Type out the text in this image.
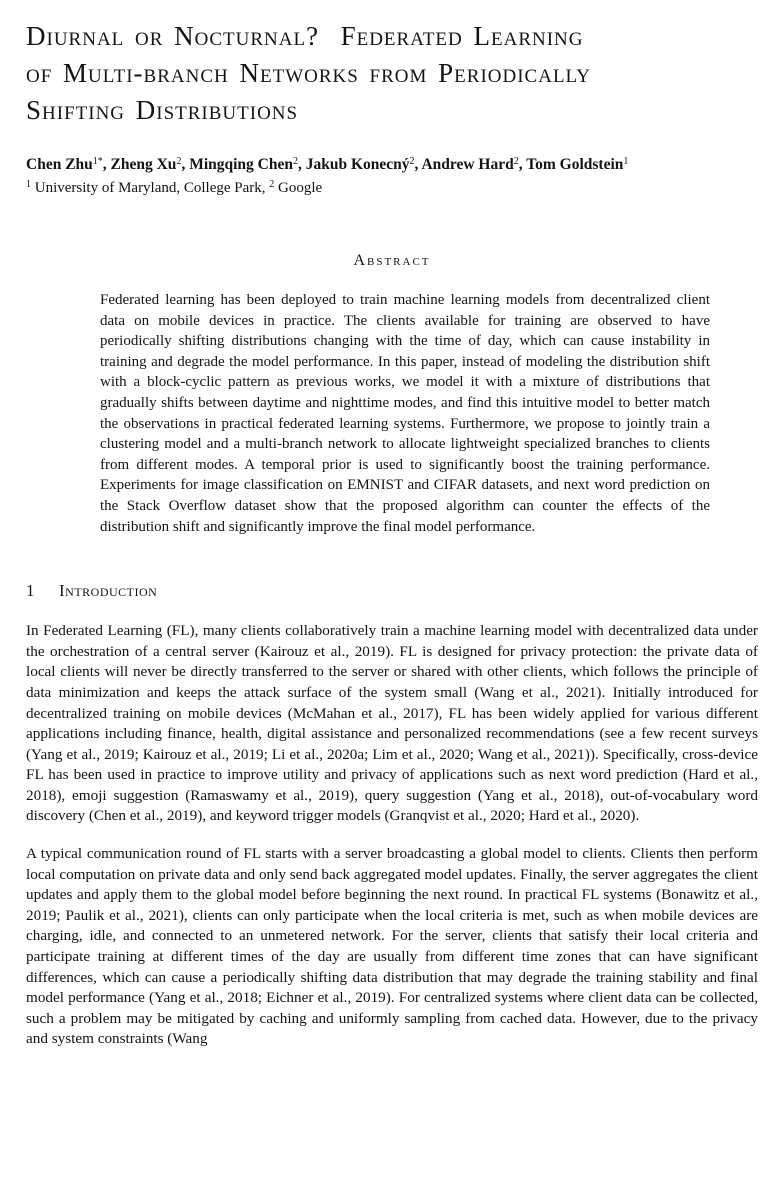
Diurnal or Nocturnal?  Federated Learning
of Multi-branch Networks from Periodically
Shifting Distributions
Chen Zhu$^{1*}$, Zheng Xu$^2$, Mingqing Chen$^2$, Jakub Konecný$^2$, Andrew Hard$^2$, Tom Goldstein$^1$
$^1$ University of Maryland, College Park, $^2$ Google
Abstract

Federated learning has been deployed to train machine learning models from decentralized client data on mobile devices in practice. The clients available for training are observed to have periodically shifting distributions changing with the time of day, which can cause instability in training and degrade the model performance. In this paper, instead of modeling the distribution shift with a block-cyclic pattern as previous works, we model it with a mixture of distributions that gradually shifts between daytime and nighttime modes, and find this intuitive model to better match the observations in practical federated learning systems. Furthermore, we propose to jointly train a clustering model and a multi-branch network to allocate lightweight specialized branches to clients from different modes. A temporal prior is used to significantly boost the training performance. Experiments for image classification on EMNIST and CIFAR datasets, and next word prediction on the Stack Overflow dataset show that the proposed algorithm can counter the effects of the distribution shift and significantly improve the final model performance.

1 Introduction

In Federated Learning (FL), many clients collaboratively train a machine learning model with decentralized data under the orchestration of a central server (Kairouz et al., 2019). FL is designed for privacy protection: the private data of local clients will never be directly transferred to the server or shared with other clients, which follows the principle of data minimization and keeps the attack surface of the system small (Wang et al., 2021). Initially introduced for decentralized training on mobile devices (McMahan et al., 2017), FL has been widely applied for various different applications including finance, health, digital assistance and personalized recommendations (see a few recent surveys (Yang et al., 2019; Kairouz et al., 2019; Li et al., 2020a; Lim et al., 2020; Wang et al., 2021)). Specifically, cross-device FL has been used in practice to improve utility and privacy of applications such as next word prediction (Hard et al., 2018), emoji suggestion (Ramaswamy et al., 2019), query suggestion (Yang et al., 2018), out-of-vocabulary word discovery (Chen et al., 2019), and keyword trigger models (Granqvist et al., 2020; Hard et al., 2020).

A typical communication round of FL starts with a server broadcasting a global model to clients. Clients then perform local computation on private data and only send back aggregated model updates. Finally, the server aggregates the client updates and apply them to the global model before beginning the next round. In practical FL systems (Bonawitz et al., 2019; Paulik et al., 2021), clients can only participate when the local criteria is met, such as when mobile devices are charging, idle, and connected to an unmetered network. For the server, clients that satisfy their local criteria and participate training at different times of the day are usually from different time zones that can have significant differences, which can cause a periodically shifting data distribution that may degrade the training stability and final model performance (Yang et al., 2018; Eichner et al., 2019). For centralized systems where client data can be collected, such a problem may be mitigated by caching and uniformly sampling from cached data. However, due to the privacy and system constraints (Wang
